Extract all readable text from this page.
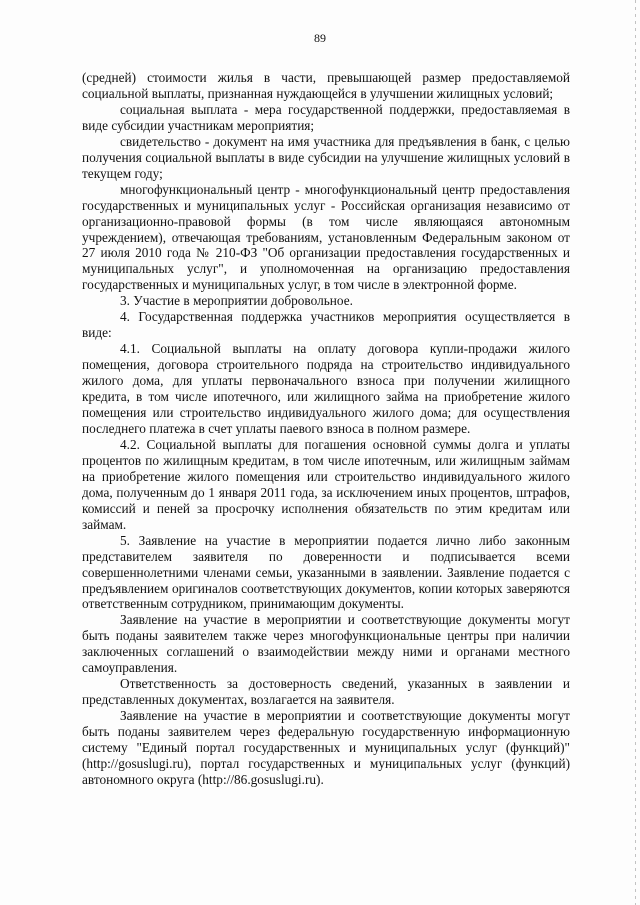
89

(средней) стоимости жилья в части, превышающей размер предоставляемой социальной выплаты, признанная нуждающейся в улучшении жилищных условий;

социальная выплата - мера государственной поддержки, предоставляемая в виде субсидии участникам мероприятия;

свидетельство - документ на имя участника для предъявления в банк, с целью получения социальной выплаты в виде субсидии на улучшение жилищных условий в текущем году;

многофункциональный центр - многофункциональный центр предоставления государственных и муниципальных услуг - Российская организация независимо от организационно-правовой формы (в том числе являющаяся автономным учреждением), отвечающая требованиям, установленным Федеральным законом от 27 июля 2010 года № 210-ФЗ "Об организации предоставления государственных и муниципальных услуг", и уполномоченная на организацию предоставления государственных и муниципальных услуг, в том числе в электронной форме.

3. Участие в мероприятии добровольное.

4. Государственная поддержка участников мероприятия осуществляется в виде:

4.1. Социальной выплаты на оплату договора купли-продажи жилого помещения, договора строительного подряда на строительство индивидуального жилого дома, для уплаты первоначального взноса при получении жилищного кредита, в том числе ипотечного, или жилищного займа на приобретение жилого помещения или строительство индивидуального жилого дома; для осуществления последнего платежа в счет уплаты паевого взноса в полном размере.

4.2. Социальной выплаты для погашения основной суммы долга и уплаты процентов по жилищным кредитам, в том числе ипотечным, или жилищным займам на приобретение жилого помещения или строительство индивидуального жилого дома, полученным до 1 января 2011 года, за исключением иных процентов, штрафов, комиссий и пеней за просрочку исполнения обязательств по этим кредитам или займам.

5. Заявление на участие в мероприятии подается лично либо законным представителем заявителя по доверенности и подписывается всеми совершеннолетними членами семьи, указанными в заявлении. Заявление подается с предъявлением оригиналов соответствующих документов, копии которых заверяются ответственным сотрудником, принимающим документы.

Заявление на участие в мероприятии и соответствующие документы могут быть поданы заявителем также через многофункциональные центры при наличии заключенных соглашений о взаимодействии между ними и органами местного самоуправления.

Ответственность за достоверность сведений, указанных в заявлении и представленных документах, возлагается на заявителя.

Заявление на участие в мероприятии и соответствующие документы могут быть поданы заявителем через федеральную государственную информационную систему "Единый портал государственных и муниципальных услуг (функций)" (http://gosuslugi.ru), портал государственных и муниципальных услуг (функций) автономного округа (http://86.gosuslugi.ru).
